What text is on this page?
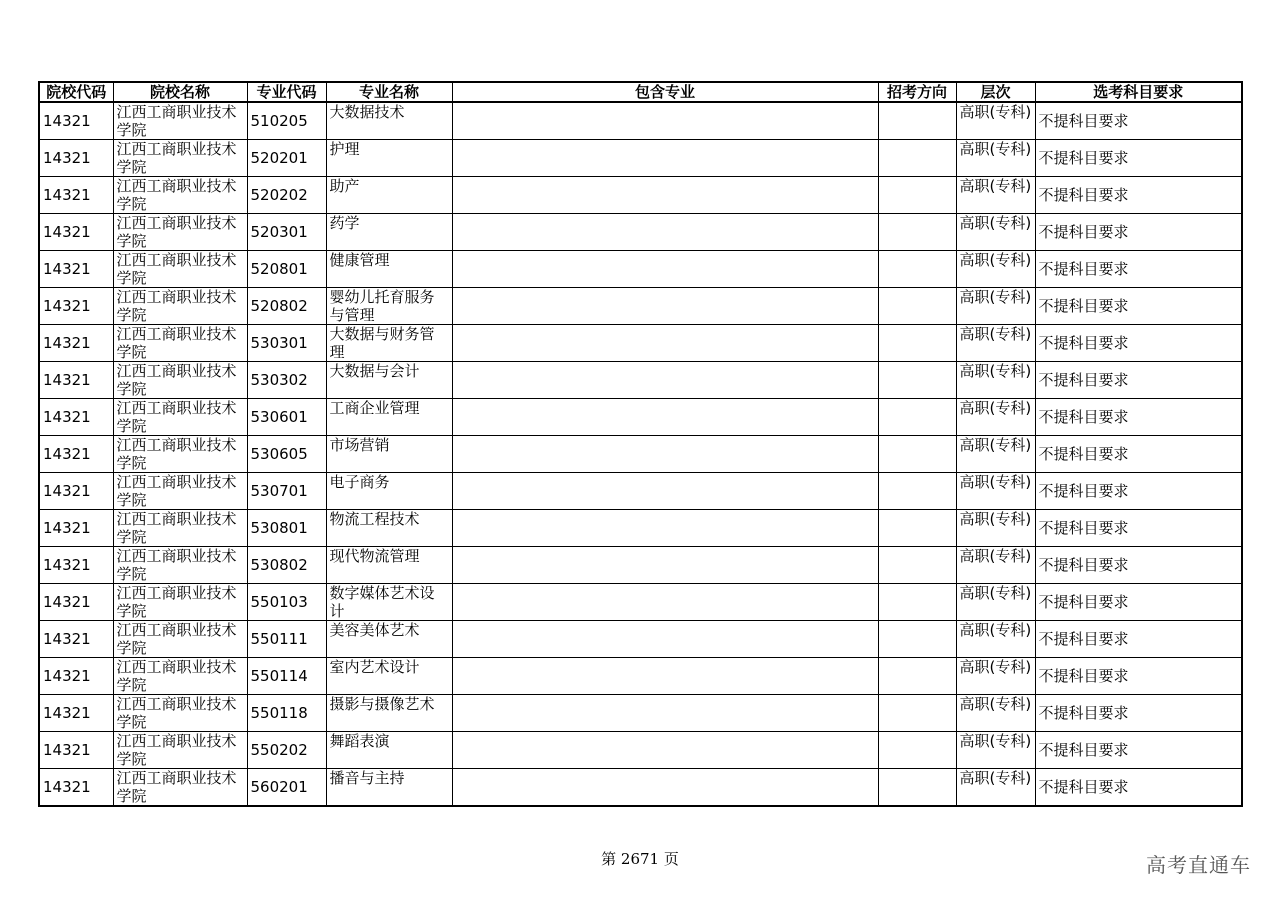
院校代码	院校名称	专业代码	专业名称	包含专业	招考方向	层次	选考科目要求
14321	江西工商职业技术学院	510205	大数据技术			高职(专科)	不提科目要求
14321	江西工商职业技术学院	520201	护理			高职(专科)	不提科目要求
14321	江西工商职业技术学院	520202	助产			高职(专科)	不提科目要求
14321	江西工商职业技术学院	520301	药学			高职(专科)	不提科目要求
14321	江西工商职业技术学院	520801	健康管理			高职(专科)	不提科目要求
14321	江西工商职业技术学院	520802	婴幼儿托育服务与管理			高职(专科)	不提科目要求
14321	江西工商职业技术学院	530301	大数据与财务管理			高职(专科)	不提科目要求
14321	江西工商职业技术学院	530302	大数据与会计			高职(专科)	不提科目要求
14321	江西工商职业技术学院	530601	工商企业管理			高职(专科)	不提科目要求
14321	江西工商职业技术学院	530605	市场营销			高职(专科)	不提科目要求
14321	江西工商职业技术学院	530701	电子商务			高职(专科)	不提科目要求
14321	江西工商职业技术学院	530801	物流工程技术			高职(专科)	不提科目要求
14321	江西工商职业技术学院	530802	现代物流管理			高职(专科)	不提科目要求
14321	江西工商职业技术学院	550103	数字媒体艺术设计			高职(专科)	不提科目要求
14321	江西工商职业技术学院	550111	美容美体艺术			高职(专科)	不提科目要求
14321	江西工商职业技术学院	550114	室内艺术设计			高职(专科)	不提科目要求
14321	江西工商职业技术学院	550118	摄影与摄像艺术			高职(专科)	不提科目要求
14321	江西工商职业技术学院	550202	舞蹈表演			高职(专科)	不提科目要求
14321	江西工商职业技术学院	560201	播音与主持			高职(专科)	不提科目要求
第 2671 页	高考直通车
